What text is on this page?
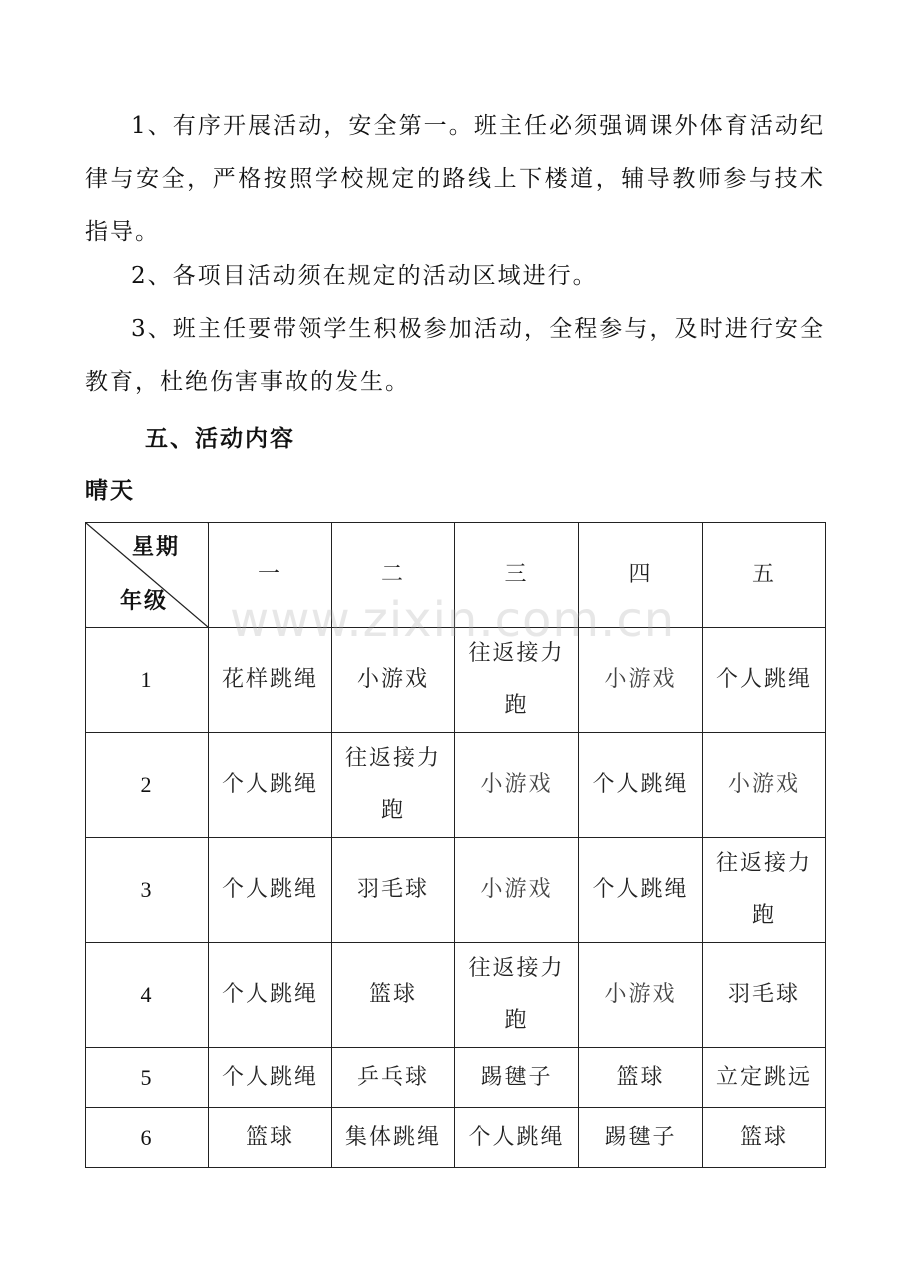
1、有序开展活动，安全第一。班主任必须强调课外体育活动纪律与安全，严格按照学校规定的路线上下楼道，辅导教师参与技术指导。

2、各项目活动须在规定的活动区域进行。

3、班主任要带领学生积极参加活动，全程参与，及时进行安全教育，杜绝伤害事故的发生。

五、活动内容
晴天
星期
年级	一	二	三	四	五
1	花样跳绳	小游戏	往返接力跑	小游戏	个人跳绳
2	个人跳绳	往返接力跑	小游戏	个人跳绳	小游戏
3	个人跳绳	羽毛球	小游戏	个人跳绳	往返接力跑
4	个人跳绳	篮球	往返接力跑	小游戏	羽毛球
5	个人跳绳	乒乓球	踢毽子	篮球	立定跳远
6	篮球	集体跳绳	个人跳绳	踢毽子	篮球
www.zixin.com.cn
